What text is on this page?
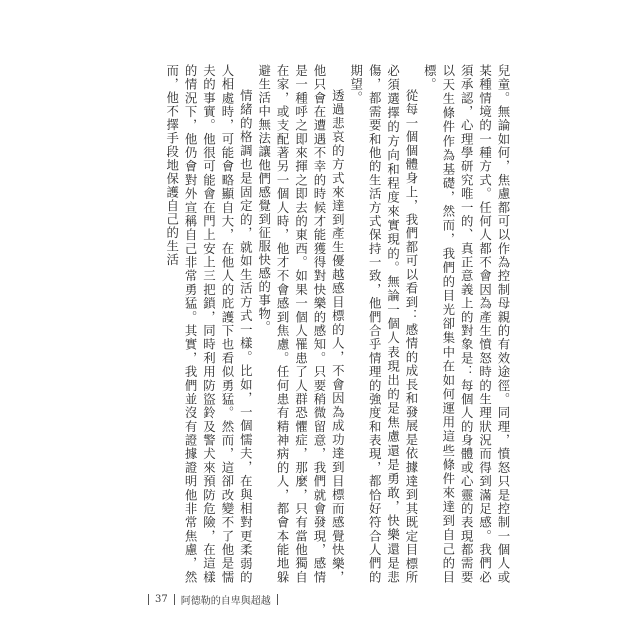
兒童。無論如何，焦慮都可以作為控制母親的有效途徑。同理，憤怒只是控制一個人或某種情境的一種方式。任何人都不會因為產生憤怒時的生理狀況而得到滿足感。我們必須承認，心理學研究唯一的、真正意義上的對象是：每個人的身體或心靈的表現都需要以天生條件作為基礎，然而，我們的目光卻集中在如何運用這些條件來達到自己的目標。

從每一個個體身上，我們都可以看到：感情的成長和發展是依據達到其既定目標所必須選擇的方向和程度來實現的。無論一個人表現出的是焦慮還是勇敢，快樂還是悲傷，都需要和他的生活方式保持一致，他們合乎情理的強度和表現，都恰好符合人們的期望。

透過悲哀的方式來達到產生優越感目標的人，不會因為成功達到目標而感覺快樂，他只會在遭遇不幸的時候才能獲得對快樂的感知。只要稍微留意，我們就會發現，感情是一種呼之即來揮之即去的東西。如果一個人罹患了人群恐懼症，那麼，只有當他獨自在家，或支配著另一個人時，他才不會感到焦慮。任何患有精神病的人，都會本能地躲避生活中無法讓他們感覺到征服快感的事物。

情緒的格調也是固定的，就如生活方式一樣。比如，一個懦夫，在與相對更柔弱的人相處時，可能會略顯自大，在他人的庇護下也看似勇猛。然而，這卻改變不了他是懦夫的事實。他很可能會在門上安上三把鎖，同時利用防盜鈴及警犬來預防危險，在這樣的情況下，他仍會對外宣稱自己非常勇猛。其實，我們並沒有證據證明他非常焦慮，然而，他不擇手段地保護自己的生活

37 阿德勒的自卑與超越
